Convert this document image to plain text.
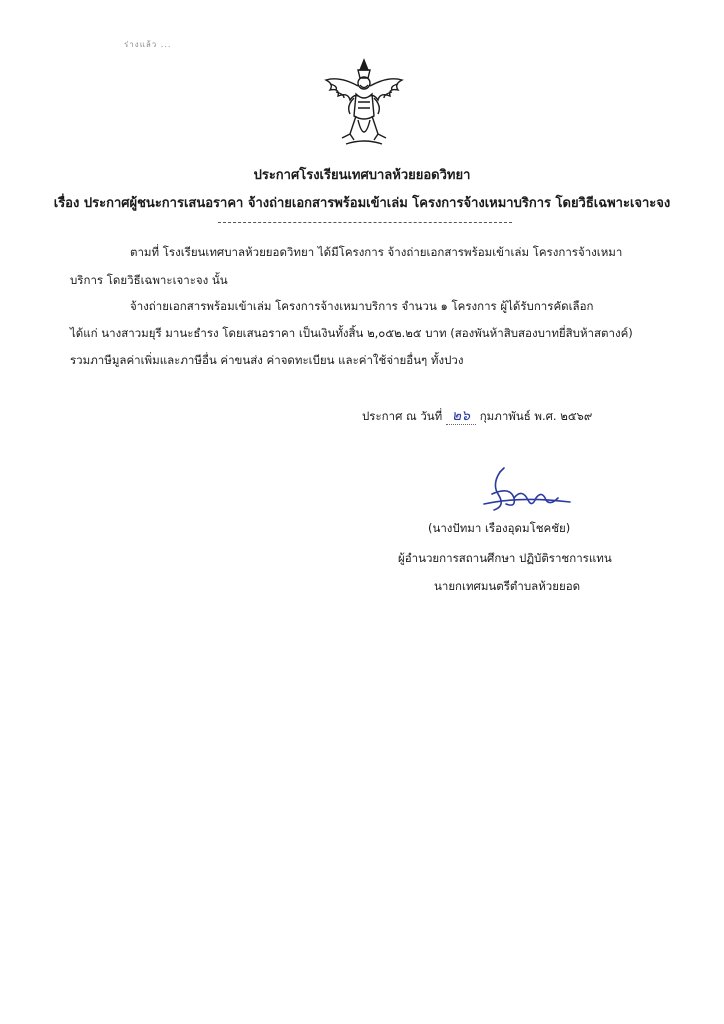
ร่างแล้ว ...
ประกาศโรงเรียนเทศบาลห้วยยอดวิทยา
เรื่อง ประกาศผู้ชนะการเสนอราคา จ้างถ่ายเอกสารพร้อมเข้าเล่ม โครงการจ้างเหมาบริการ โดยวิธีเฉพาะเจาะจง
ตามที่ โรงเรียนเทศบาลห้วยยอดวิทยา ได้มีโครงการ จ้างถ่ายเอกสารพร้อมเข้าเล่ม โครงการจ้างเหมา
บริการ โดยวิธีเฉพาะเจาะจง นั้น
จ้างถ่ายเอกสารพร้อมเข้าเล่ม โครงการจ้างเหมาบริการ จำนวน ๑ โครงการ ผู้ได้รับการคัดเลือก
ได้แก่ นางสาวมยุรี มานะธำรง โดยเสนอราคา เป็นเงินทั้งสิ้น ๒,๐๕๒.๒๕ บาท (สองพันห้าสิบสองบาทยี่สิบห้าสตางค์)
รวมภาษีมูลค่าเพิ่มและภาษีอื่น ค่าขนส่ง ค่าจดทะเบียน และค่าใช้จ่ายอื่นๆ ทั้งปวง
ประกาศ ณ วันที่ ๒๖ กุมภาพันธ์ พ.ศ. ๒๕๖๙
(นางปัทมา เรืองอุดมโชคชัย)
ผู้อำนวยการสถานศึกษา ปฏิบัติราชการแทน
นายกเทศมนตรีตำบลห้วยยอด
